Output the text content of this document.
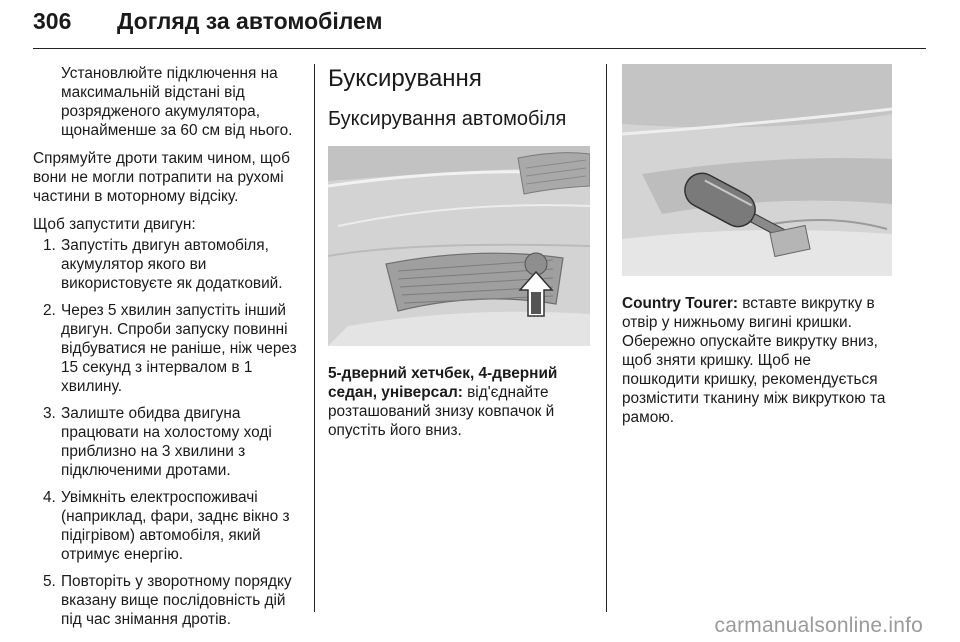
306 Догляд за автомобілем

Установлюйте підключення на максимальній відстані від розрядженого акумулятора, щонайменше за 60 см від нього.

Спрямуйте дроти таким чином, щоб вони не могли потрапити на рухомі частини в моторному відсіку.

Щоб запустити двигун:

1. Запустіть двигун автомобіля, акумулятор якого ви використовуєте як додатковий.
2. Через 5 хвилин запустіть інший двигун. Спроби запуску повинні відбуватися не раніше, ніж через 15 секунд з інтервалом в 1 хвилину.
3. Залиште обидва двигуна працювати на холостому ході приблизно на 3 хвилини з підключеними дротами.
4. Увімкніть електроспоживачі (наприклад, фари, заднє вікно з підігрівом) автомобіля, який отримує енергію.
5. Повторіть у зворотному порядку вказану вище послідовність дій під час знімання дротів.
Буксирування
Буксирування автомобіля

5-дверний хетчбек, 4-дверний седан, універсал: від'єднайте розташований знизу ковпачок й опустіть його вниз.

Country Tourer: вставте викрутку в отвір у нижньому вигині кришки. Обережно опускайте викрутку вниз, щоб зняти кришку. Щоб не пошкодити кришку, рекомендується розмістити тканину між викруткою та рамою.

carmanualsonline.info
